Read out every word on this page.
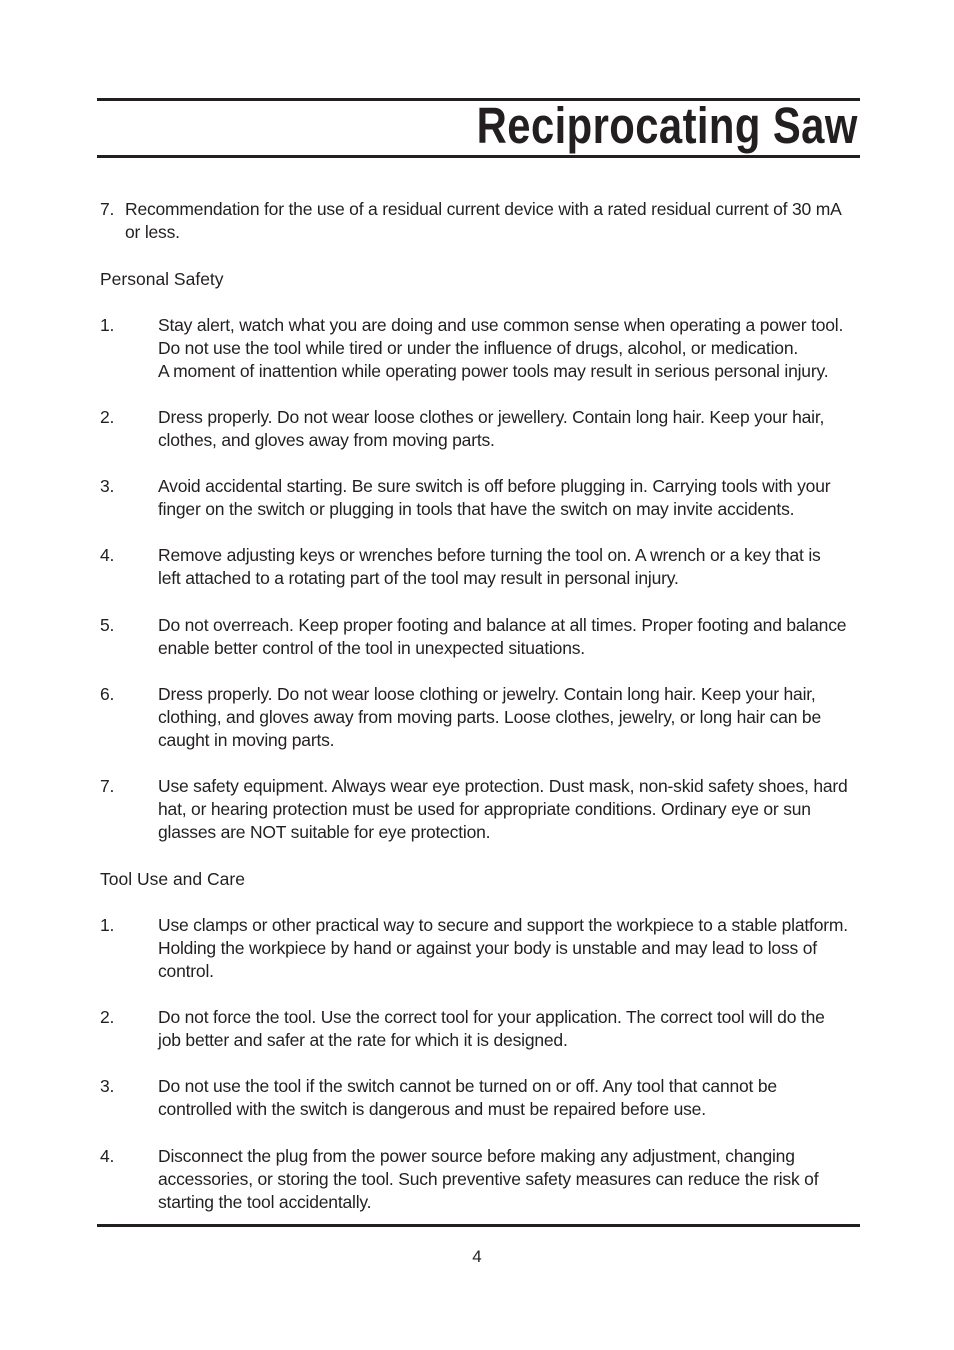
Reciprocating Saw
7. Recommendation for the use of a residual current device with a rated residual current of 30 mA
or less.
Personal Safety
1.	Stay alert, watch what you are doing and use common sense when operating a power tool.
Do not use the tool while tired or under the influence of drugs, alcohol, or medication.
A moment of inattention while operating power tools may result in serious personal injury.
2.	Dress properly. Do not wear loose clothes or jewellery. Contain long hair. Keep your hair,
clothes, and gloves away from moving parts.
3.	Avoid accidental starting. Be sure switch is off before plugging in. Carrying tools with your
finger on the switch or plugging in tools that have the switch on may invite accidents.
4.	Remove adjusting keys or wrenches before turning the tool on. A wrench or a key that is
left attached to a rotating part of the tool may result in personal injury.
5.	Do not overreach. Keep proper footing and balance at all times. Proper footing and balance
enable better control of the tool in unexpected situations.
6.	Dress properly. Do not wear loose clothing or jewelry. Contain long hair. Keep your hair,
clothing, and gloves away from moving parts. Loose clothes, jewelry, or long hair can be
caught in moving parts.
7.	Use safety equipment. Always wear eye protection. Dust mask, non-skid safety shoes, hard
hat, or hearing protection must be used for appropriate conditions. Ordinary eye or sun
glasses are NOT suitable for eye protection.
Tool Use and Care
1.	Use clamps or other practical way to secure and support the workpiece to a stable platform.
Holding the workpiece by hand or against your body is unstable and may lead to loss of
control.
2.	Do not force the tool. Use the correct tool for your application. The correct tool will do the
job better and safer at the rate for which it is designed.
3.	Do not use the tool if the switch cannot be turned on or off. Any tool that cannot be
controlled with the switch is dangerous and must be repaired before use.
4.	Disconnect the plug from the power source before making any adjustment, changing
accessories, or storing the tool. Such preventive safety measures can reduce the risk of
starting the tool accidentally.
4
